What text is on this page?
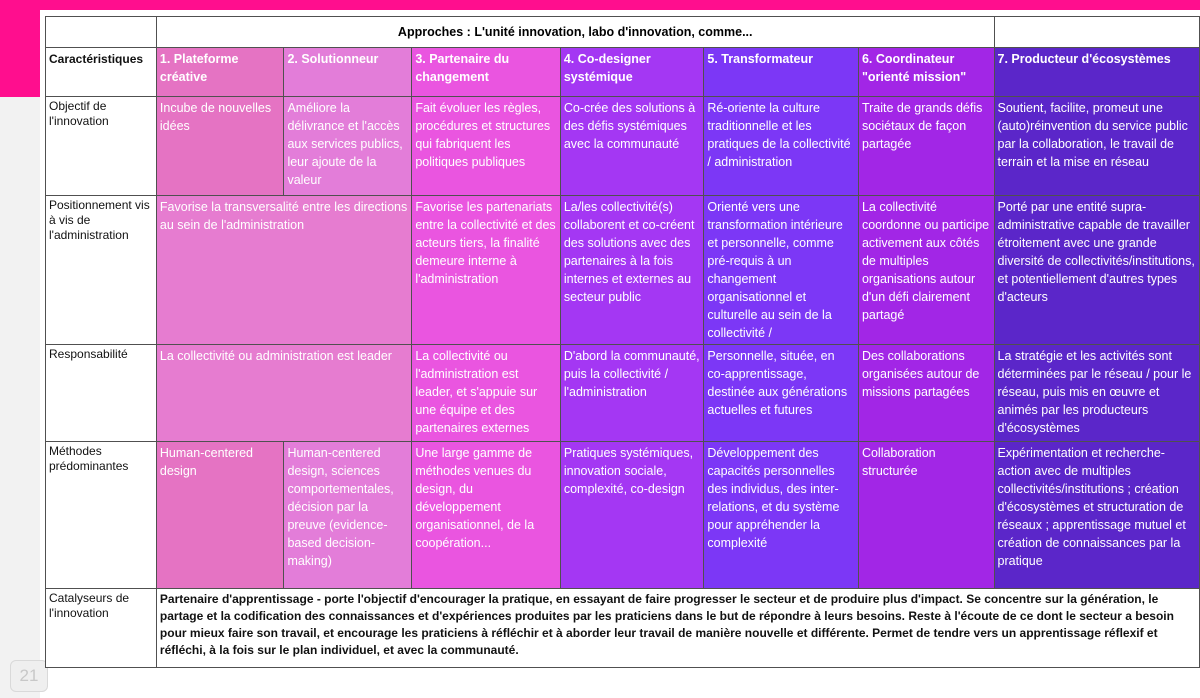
21
	Approches : L'unité innovation, labo d'innovation, comme...						
Caractéristiques	1. Plateforme créative	2. Solutionneur	3. Partenaire du changement	4. Co-designer systémique	5. Transformateur	6. Coordinateur "orienté mission"	7. Producteur d'écosystèmes
Objectif de l'innovation	Incube de nouvelles idées	Améliore la délivrance et l'accès aux services publics, leur ajoute de la valeur	Fait évoluer les règles, procédures et structures qui fabriquent les politiques publiques	Co-crée des solutions à des défis systémiques avec la communauté	Ré-oriente la culture traditionnelle et les pratiques de la collectivité / administration	Traite de grands défis sociétaux de façon partagée	Soutient, facilite, promeut une (auto)réinvention du service public par la collaboration, le travail de terrain et la mise en réseau
Positionnement vis à vis de l'administration	Favorise la transversalité entre les directions au sein de l'administration		Favorise les partenariats entre la collectivité et des acteurs tiers, la finalité demeure interne à l'administration	La/les collectivité(s) collaborent et co-créent des solutions avec des partenaires à la fois internes et externes au secteur public	Orienté vers une transformation intérieure et personnelle, comme pré-requis à un changement organisationnel et culturelle au sein de la collectivité /	La collectivité coordonne ou participe activement aux côtés de multiples organisations autour d'un défi clairement partagé	Porté par une entité supra-administrative capable de travailler étroitement avec une grande diversité de collectivités/institutions, et potentiellement d'autres types d'acteurs
Responsabilité	La collectivité ou administration est leader		La collectivité ou l'administration est leader, et s'appuie sur une équipe et des partenaires externes	D'abord la communauté, puis la collectivité / l'administration	Personnelle, située, en co-apprentissage, destinée aux générations actuelles et futures	Des collaborations organisées autour de missions partagées	La stratégie et les activités sont déterminées par le réseau / pour le réseau, puis mis en œuvre et animés par les producteurs d'écosystèmes
Méthodes prédominantes	Human-centered design	Human-centered design, sciences comportementales, décision par la preuve (evidence-based decision-making)	Une large gamme de méthodes venues du design, du développement organisationnel, de la coopération...	Pratiques systémiques, innovation sociale, complexité, co-design	Développement des capacités personnelles des individus, des inter-relations, et du système pour appréhender la complexité	Collaboration structurée	Expérimentation et recherche-action avec de multiples collectivités/institutions ; création d'écosystèmes et structuration de réseaux ; apprentissage mutuel et création de connaissances par la pratique
Catalyseurs de l'innovation	Partenaire d'apprentissage - porte l'objectif d'encourager la pratique, en essayant de faire progresser le secteur et de produire plus d'impact. Se concentre sur la génération, le partage et la codification des connaissances et d'expériences produites par les praticiens dans le but de répondre à leurs besoins. Reste à l'écoute de ce dont le secteur a besoin pour mieux faire son travail, et encourage les praticiens à réfléchir et à aborder leur travail de manière nouvelle et différente. Permet de tendre vers un apprentissage réflexif et réfléchi, à la fois sur le plan individuel, et avec la communauté.						
